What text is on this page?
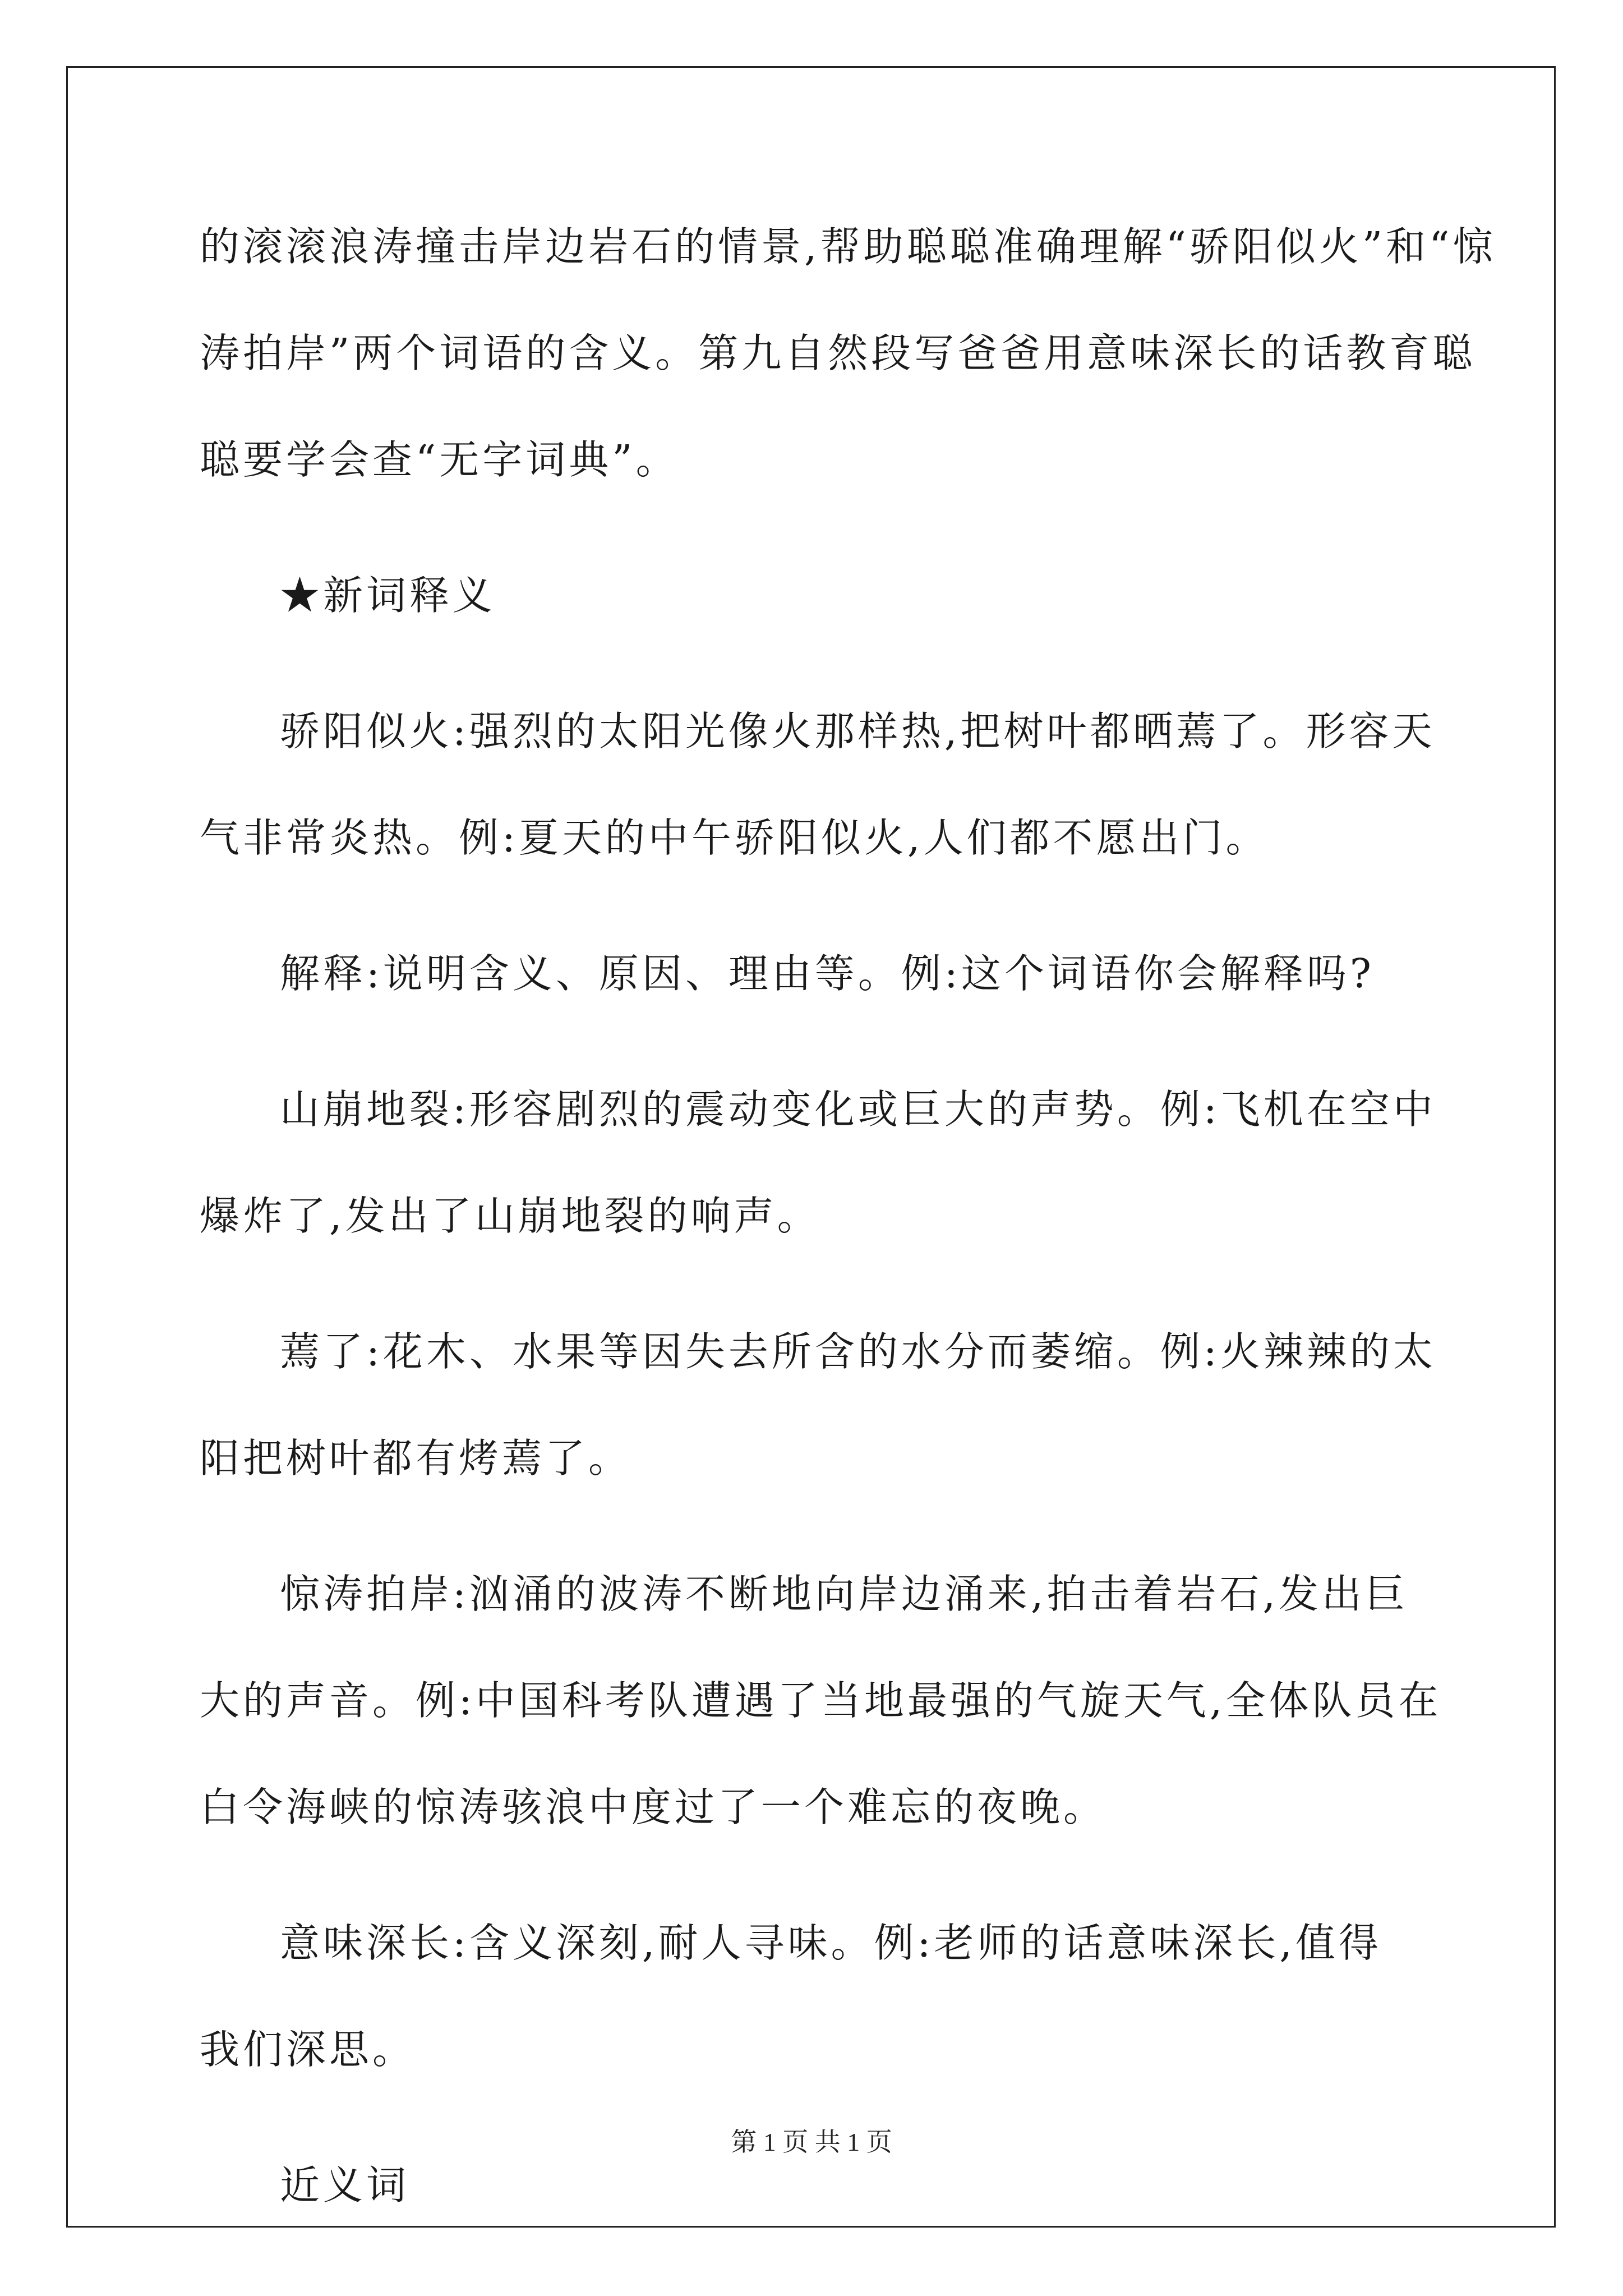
的滚滚浪涛撞击岸边岩石的情景,帮助聪聪准确理解“骄阳似火”和“惊
涛拍岸”两个词语的含义。第九自然段写爸爸用意味深长的话教育聪
聪要学会查“无字词典”。

★新词释义

骄阳似火:强烈的太阳光像火那样热,把树叶都晒蔫了。形容天
气非常炎热。例:夏天的中午骄阳似火,人们都不愿出门。

解释:说明含义、原因、理由等。例:这个词语你会解释吗?

山崩地裂:形容剧烈的震动变化或巨大的声势。例:飞机在空中
爆炸了,发出了山崩地裂的响声。

蔫了:花木、水果等因失去所含的水分而萎缩。例:火辣辣的太
阳把树叶都有烤蔫了。

惊涛拍岸:汹涌的波涛不断地向岸边涌来,拍击着岩石,发出巨
大的声音。例:中国科考队遭遇了当地最强的气旋天气,全体队员在
白令海峡的惊涛骇浪中度过了一个难忘的夜晚。

意味深长:含义深刻,耐人寻味。例:老师的话意味深长,值得
我们深思。

近义词

第 1 页 共 1 页
